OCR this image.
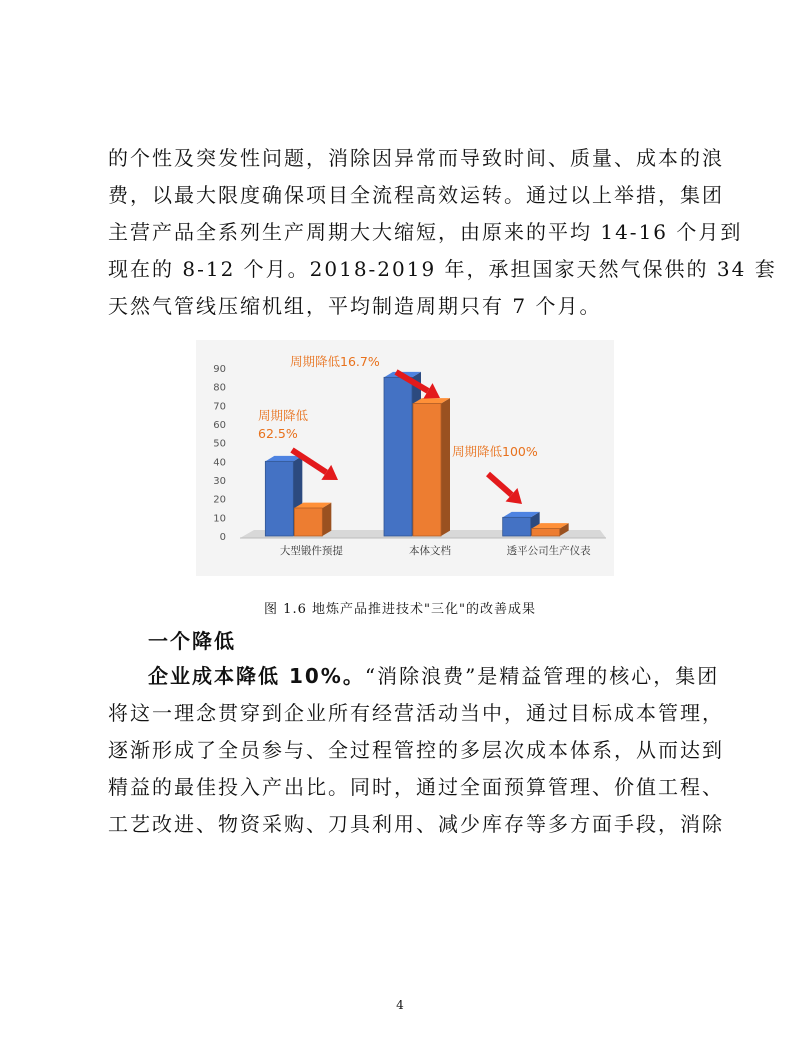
的个性及突发性问题，消除因异常而导致时间、质量、成本的浪
费，以最大限度确保项目全流程高效运转。通过以上举措，集团
主营产品全系列生产周期大大缩短，由原来的平均 14-16 个月到
现在的 8-12 个月。2018-2019 年，承担国家天然气保供的 34 套
天然气管线压缩机组，平均制造周期只有 7 个月。
0
10
20
30
40
50
60
70
80
90
大型锻件预提	本体文档	透平公司生产仪表
周期降低
62.5%
周期降低16.7%
周期降低100%
图 1.6 地炼产品推进技术"三化"的改善成果
一个降低
企业成本降低 10%。“消除浪费”是精益管理的核心，集团
将这一理念贯穿到企业所有经营活动当中，通过目标成本管理，
逐渐形成了全员参与、全过程管控的多层次成本体系，从而达到
精益的最佳投入产出比。同时，通过全面预算管理、价值工程、
工艺改进、物资采购、刀具利用、减少库存等多方面手段，消除
4
